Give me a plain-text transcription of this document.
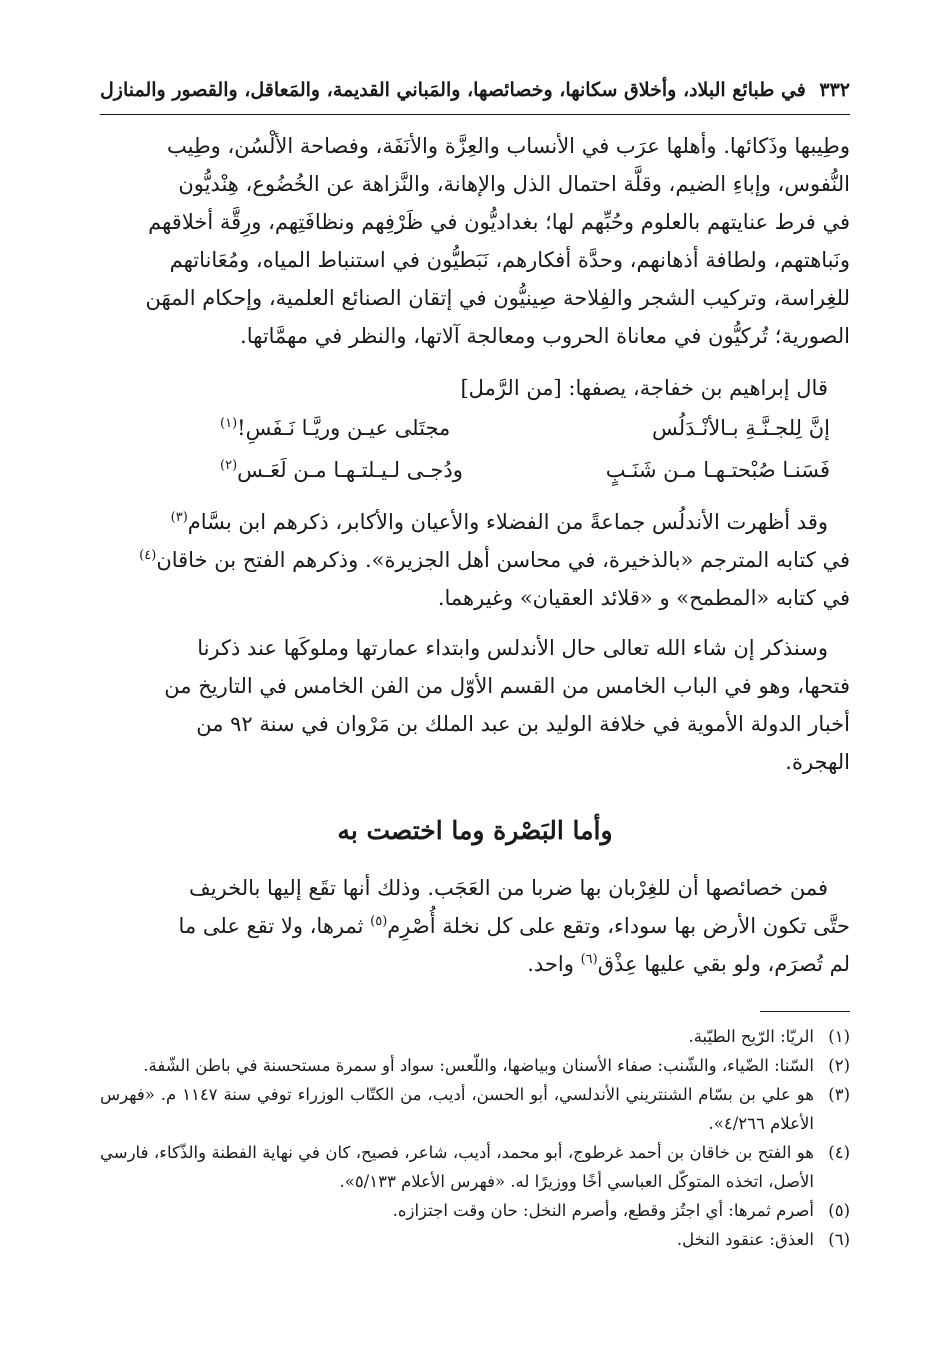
٣٣٢
في طبائع البلاد، وأخلاق سكانها، وخصائصها، والمَباني القديمة، والمَعاقل، والقصور والمنازل

وطِيبها وذَكائها. وأهلها عرَب في الأنساب والعِزَّة والأنَفَة، وفصاحة الألْسُن، وطِيب

النُّفوس، وإباءِ الضيم، وقلَّة احتمال الذل والإهانة، والنَّزاهة عن الخُضُوع، هِنْديُّون

في فرط عنايتهم بالعلوم وحُبِّهم لها؛ بغداديُّون في ظَرْفِهم ونظافَتِهم، ورِقَّة أخلاقهم

ونَباهتهم، ولطافة أذهانهم، وحدَّة أفكارهم، نَبَطيُّون في استنباط المياه، ومُعَاناتهم

للغِراسة، وتركيب الشجر والفِلاحة صِينيُّون في إتقان الصنائع العلمية، وإحكام المهَن

الصورية؛ تُركيُّون في معاناة الحروب ومعالجة آلاتها، والنظر في مهمَّاتها.

قال إبراهيم بن خفاجة، يصفها: [من الرَّمل]
إنَّ لِلجـنَّـةِ بـالأنْـدَلُس
مجتَلى عيـن وريَّـا نَـفَسِ!$^{(١)}$
فَسَنـا صُبْحتـهـا مـن شَنَـبٍ
ودُجـى لـيـلتـهـا مـن لَعَـس$^{(٢)}$

وقد أظهرت الأندلُس جماعةً من الفضلاء والأعيان والأكابر، ذكرهم ابن بسَّام$^{(٣)}$

في كتابه المترجم «بالذخيرة، في محاسن أهل الجزيرة». وذكرهم الفتح بن خاقان$^{(٤)}$

في كتابه «المطمح» و «قلائد العقيان» وغيرهما.

وسنذكر إن شاء الله تعالى حال الأندلس وابتداء عمارتها وملوكَها عند ذكرنا

فتحها، وهو في الباب الخامس من القسم الأوّل من الفن الخامس في التاريخ من

أخبار الدولة الأموية في خلافة الوليد بن عبد الملك بن مَرْوان في سنة ٩٢ من

الهجرة.

وأما البَصْرة وما اختصت به

فمن خصائصها أن للغِرْبان بها ضربا من العَجَب. وذلك أنها تقَع إليها بالخريف

حتَّى تكون الأرض بها سوداء، وتقع على كل نخلة أُصْرِم$^{(٥)}$ ثمرها، ولا تقع على ما

لم تُصرَم، ولو بقي عليها عِذْق$^{(٦)}$ واحد.

(١)
الريّا: الرّيح الطيّبة.
(٢)
السّنا: الضّياء، والشّنب: صفاء الأسنان وبياضها، واللّعس: سواد أو سمرة مستحسنة في باطن الشّفة.
(٣)
هو علي بن بسّام الشنتريني الأندلسي، أبو الحسن، أديب، من الكتّاب الوزراء توفي سنة ١١٤٧ م. «فهرس الأعلام ٤/٢٦٦».
(٤)
هو الفتح بن خاقان بن أحمد غرطوج، أبو محمد، أديب، شاعر، فصيح، كان في نهاية الفطنة والذّكاء، فارسي الأصل، اتخذه المتوكّل العباسي أخًا ووزيرًا له. «فهرس الأعلام ٥/١٣٣».
(٥)
أصرم ثمرها: أي اجتُز وقطع، وأصرم النخل: حان وقت اجتزازه.
(٦)
العذق: عنقود النخل.
